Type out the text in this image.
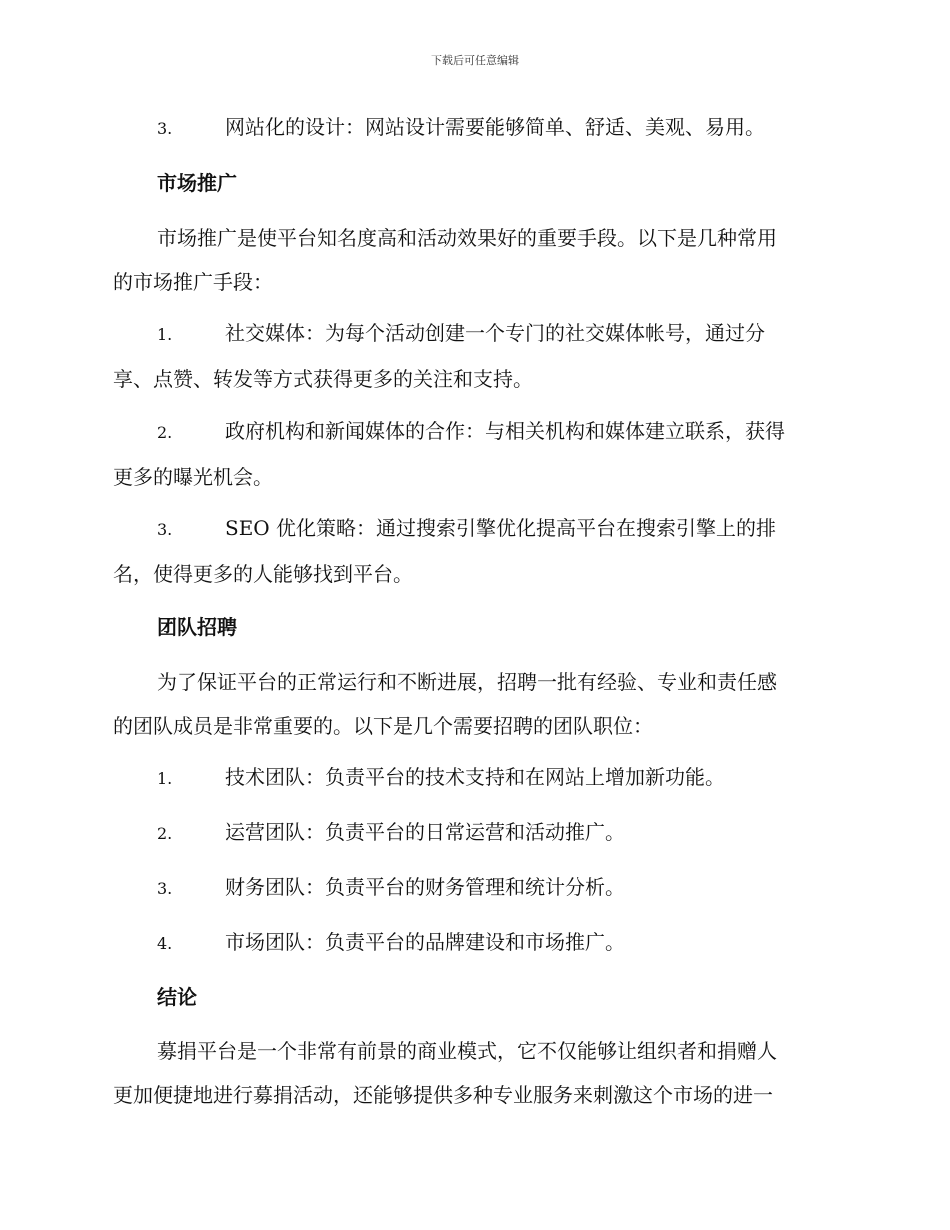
下载后可任意编辑
3.	网站化的设计：网站设计需要能够简单、舒适、美观、易用。
市场推广
市场推广是使平台知名度高和活动效果好的重要手段。以下是几种常用
的市场推广手段：
1.	社交媒体：为每个活动创建一个专门的社交媒体帐号，通过分
享、点赞、转发等方式获得更多的关注和支持。
2.	政府机构和新闻媒体的合作：与相关机构和媒体建立联系，获得
更多的曝光机会。
3.	SEO 优化策略：通过搜索引擎优化提高平台在搜索引擎上的排
名，使得更多的人能够找到平台。
团队招聘
为了保证平台的正常运行和不断进展，招聘一批有经验、专业和责任感
的团队成员是非常重要的。以下是几个需要招聘的团队职位：
1.	技术团队：负责平台的技术支持和在网站上增加新功能。
2.	运营团队：负责平台的日常运营和活动推广。
3.	财务团队：负责平台的财务管理和统计分析。
4.	市场团队：负责平台的品牌建设和市场推广。
结论
募捐平台是一个非常有前景的商业模式，它不仅能够让组织者和捐赠人
更加便捷地进行募捐活动，还能够提供多种专业服务来刺激这个市场的进一
